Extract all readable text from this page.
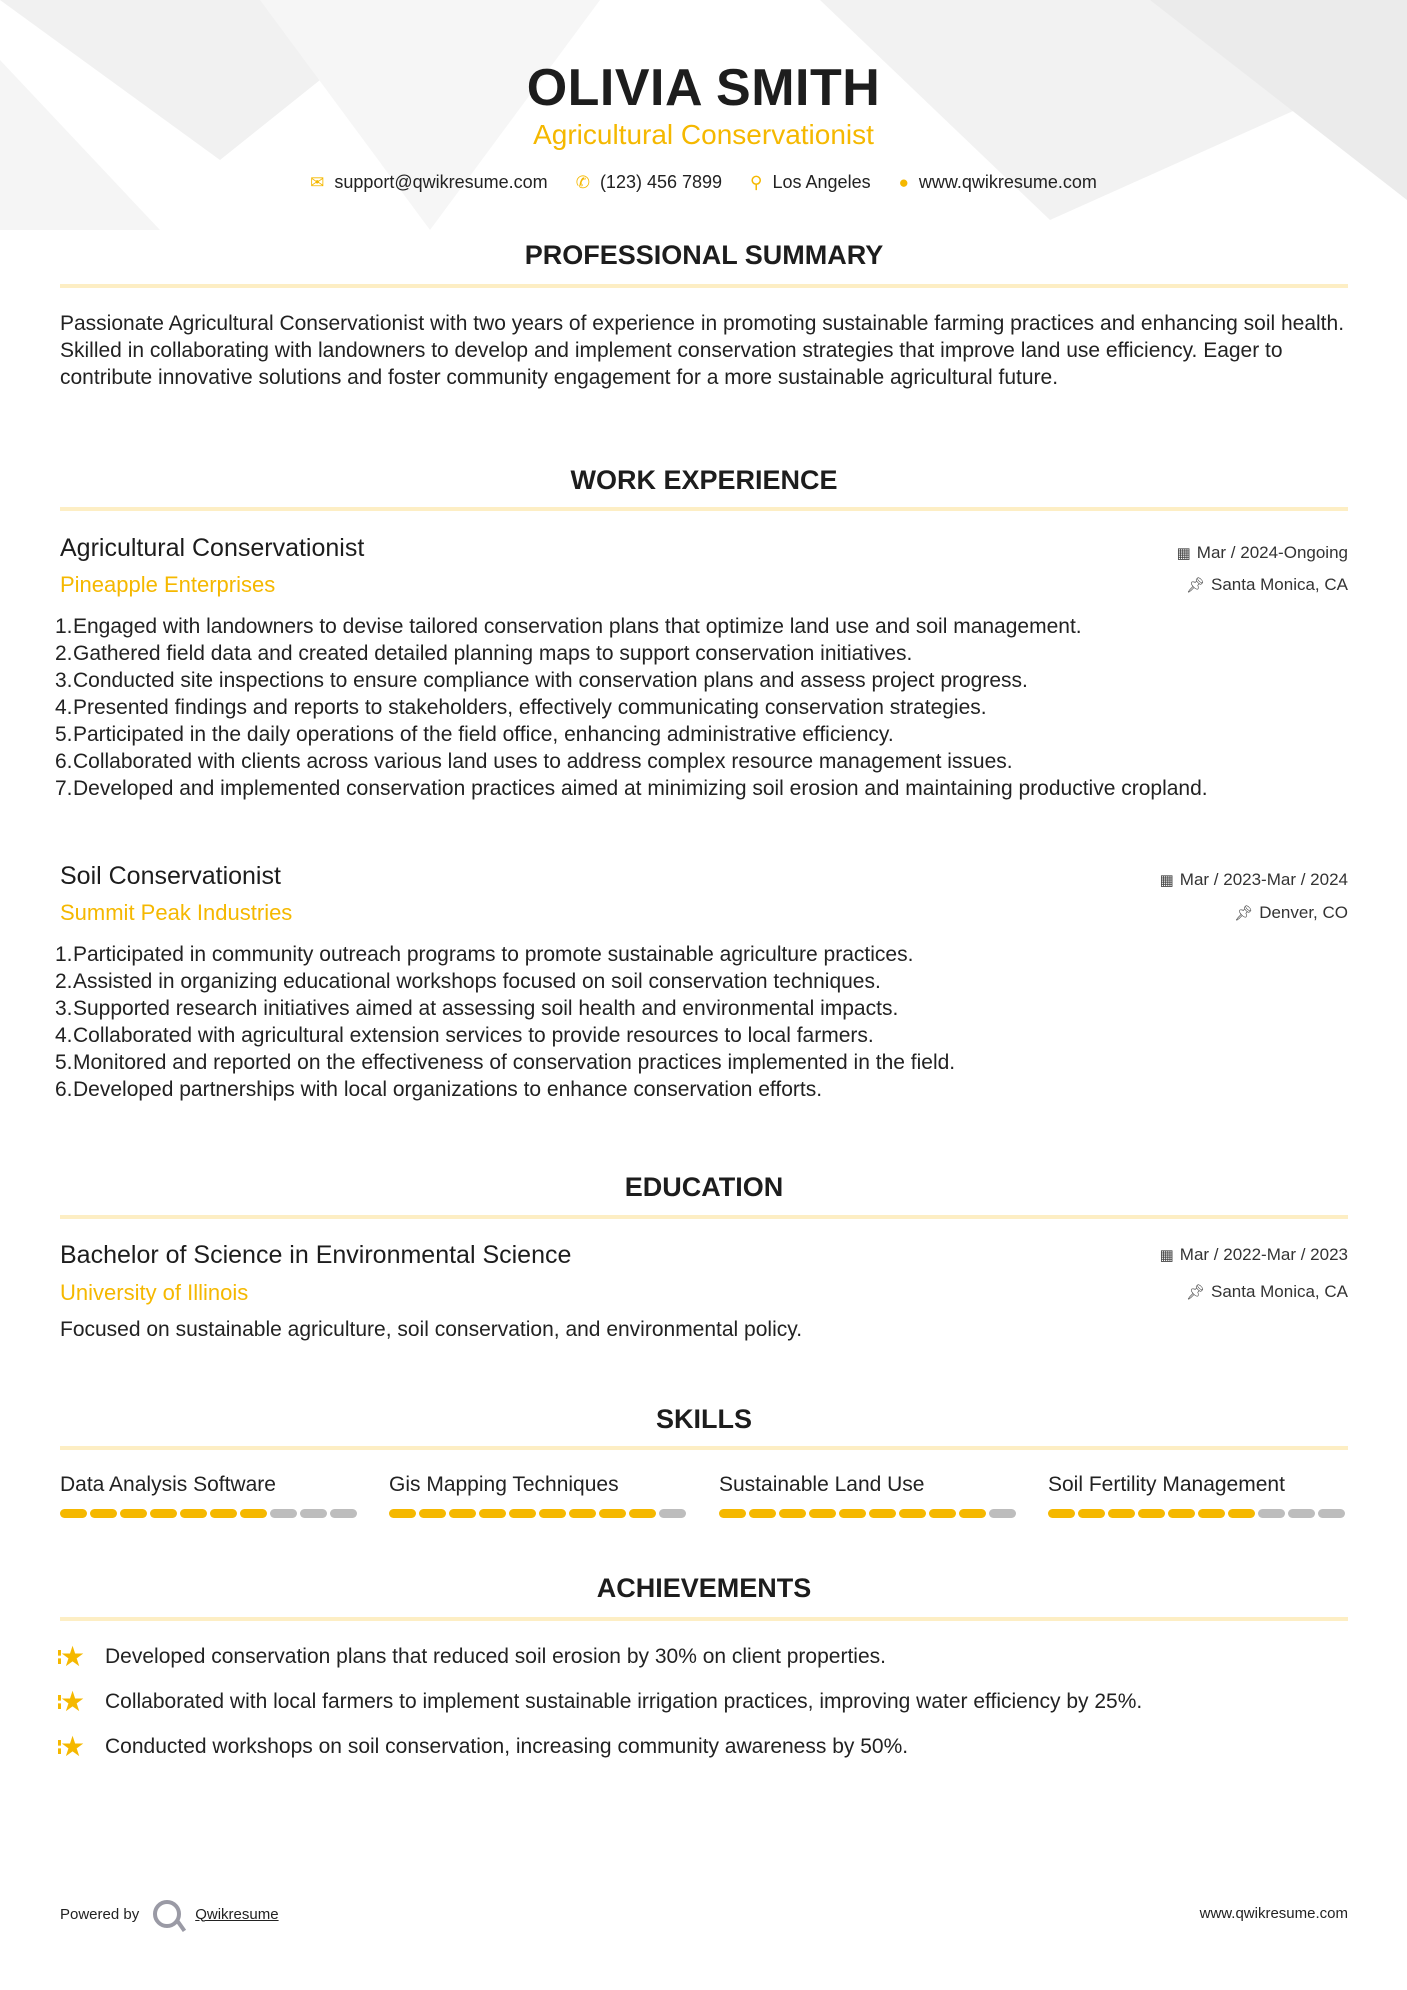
OLIVIA SMITH
Agricultural Conservationist
✉ support@qwikresume.com ✆ (123) 456 7899 ⚲ Los Angeles ● www.qwikresume.com
PROFESSIONAL SUMMARY
Passionate Agricultural Conservationist with two years of experience in promoting sustainable farming practices and enhancing soil health. Skilled in collaborating with landowners to develop and implement conservation strategies that improve land use efficiency. Eager to contribute innovative solutions and foster community engagement for a more sustainable agricultural future.
WORK EXPERIENCE
Agricultural Conservationist	▦ Mar / 2024-Ongoing
Pineapple Enterprises	📌︎ Santa Monica, CA
1. Engaged with landowners to devise tailored conservation plans that optimize land use and soil management.
2. Gathered field data and created detailed planning maps to support conservation initiatives.
3. Conducted site inspections to ensure compliance with conservation plans and assess project progress.
4. Presented findings and reports to stakeholders, effectively communicating conservation strategies.
5. Participated in the daily operations of the field office, enhancing administrative efficiency.
6. Collaborated with clients across various land uses to address complex resource management issues.
7. Developed and implemented conservation practices aimed at minimizing soil erosion and maintaining productive cropland.
Soil Conservationist	▦ Mar / 2023-Mar / 2024
Summit Peak Industries	📌︎ Denver, CO
1. Participated in community outreach programs to promote sustainable agriculture practices.
2. Assisted in organizing educational workshops focused on soil conservation techniques.
3. Supported research initiatives aimed at assessing soil health and environmental impacts.
4. Collaborated with agricultural extension services to provide resources to local farmers.
5. Monitored and reported on the effectiveness of conservation practices implemented in the field.
6. Developed partnerships with local organizations to enhance conservation efforts.
EDUCATION
Bachelor of Science in Environmental Science	▦ Mar / 2022-Mar / 2023
University of Illinois	📌︎ Santa Monica, CA
Focused on sustainable agriculture, soil conservation, and environmental policy.
SKILLS
Data Analysis Software	Gis Mapping Techniques	Sustainable Land Use	Soil Fertility Management
ACHIEVEMENTS
★ Developed conservation plans that reduced soil erosion by 30% on client properties.
★ Collaborated with local farmers to implement sustainable irrigation practices, improving water efficiency by 25%.
★ Conducted workshops on soil conservation, increasing community awareness by 50%.
Powered by	Qwikresume	www.qwikresume.com
